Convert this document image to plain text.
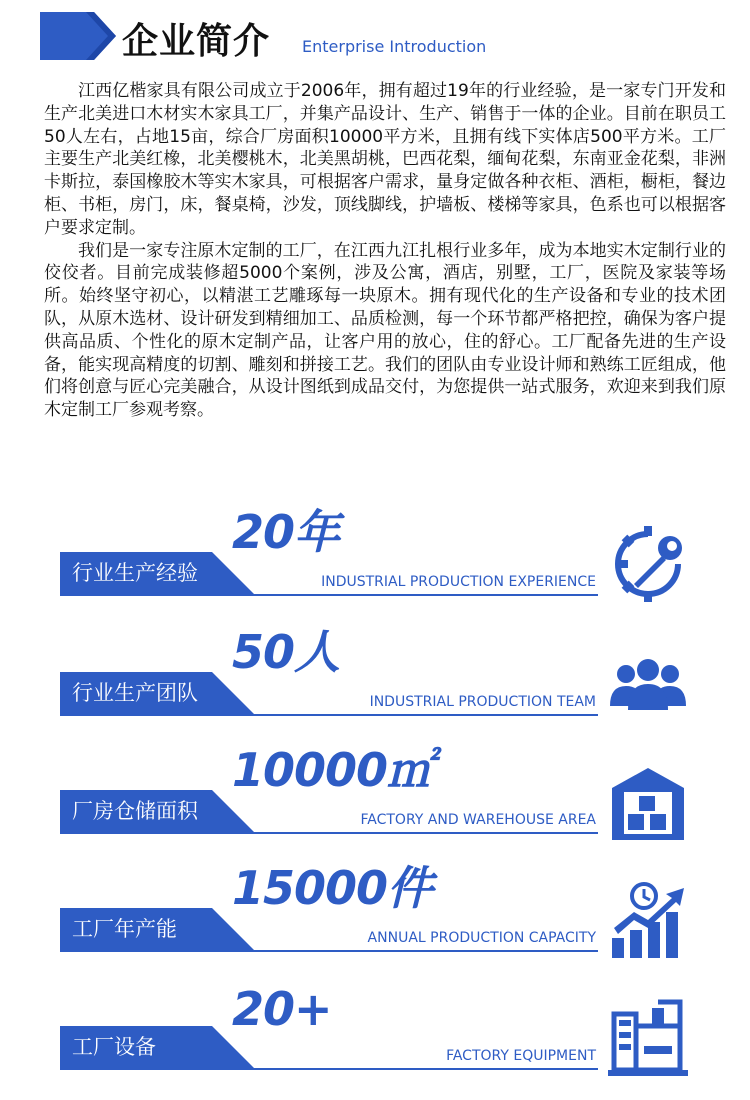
企业简介 Enterprise Introduction

江西亿楷家具有限公司成立于2006年，拥有超过19年的行业经验，是一家专门开发和生产北美进口木材实木家具工厂，并集产品设计、生产、销售于一体的企业。目前在职员工50人左右，占地15亩，综合厂房面积10000平方米，且拥有线下实体店500平方米。工厂主要生产北美红橡，北美樱桃木，北美黑胡桃，巴西花梨，缅甸花梨，东南亚金花梨，非洲卡斯拉，泰国橡胶木等实木家具，可根据客户需求，量身定做各种衣柜、酒柜，橱柜，餐边柜、书柜，房门，床，餐桌椅，沙发，顶线脚线，护墙板、楼梯等家具，色系也可以根据客户要求定制。

我们是一家专注原木定制的工厂，在江西九江扎根行业多年，成为本地实木定制行业的佼佼者。目前完成装修超5000个案例，涉及公寓，酒店，别墅，工厂，医院及家装等场所。始终坚守初心，以精湛工艺雕琢每一块原木。拥有现代化的生产设备和专业的技术团队，从原木选材、设计研发到精细加工、品质检测，每一个环节都严格把控，确保为客户提供高品质、个性化的原木定制产品，让客户用的放心，住的舒心。工厂配备先进的生产设备，能实现高精度的切割、雕刻和拼接工艺。我们的团队由专业设计师和熟练工匠组成，他们将创意与匠心完美融合，从设计图纸到成品交付，为您提供一站式服务，欢迎来到我们原木定制工厂参观考察。

20年
行业生产经验	INDUSTRIAL PRODUCTION EXPERIENCE
50人
行业生产团队	INDUSTRIAL PRODUCTION TEAM
10000㎡
厂房仓储面积	FACTORY AND WAREHOUSE AREA
15000件
工厂年产能	ANNUAL PRODUCTION CAPACITY
20+
工厂设备	FACTORY EQUIPMENT
